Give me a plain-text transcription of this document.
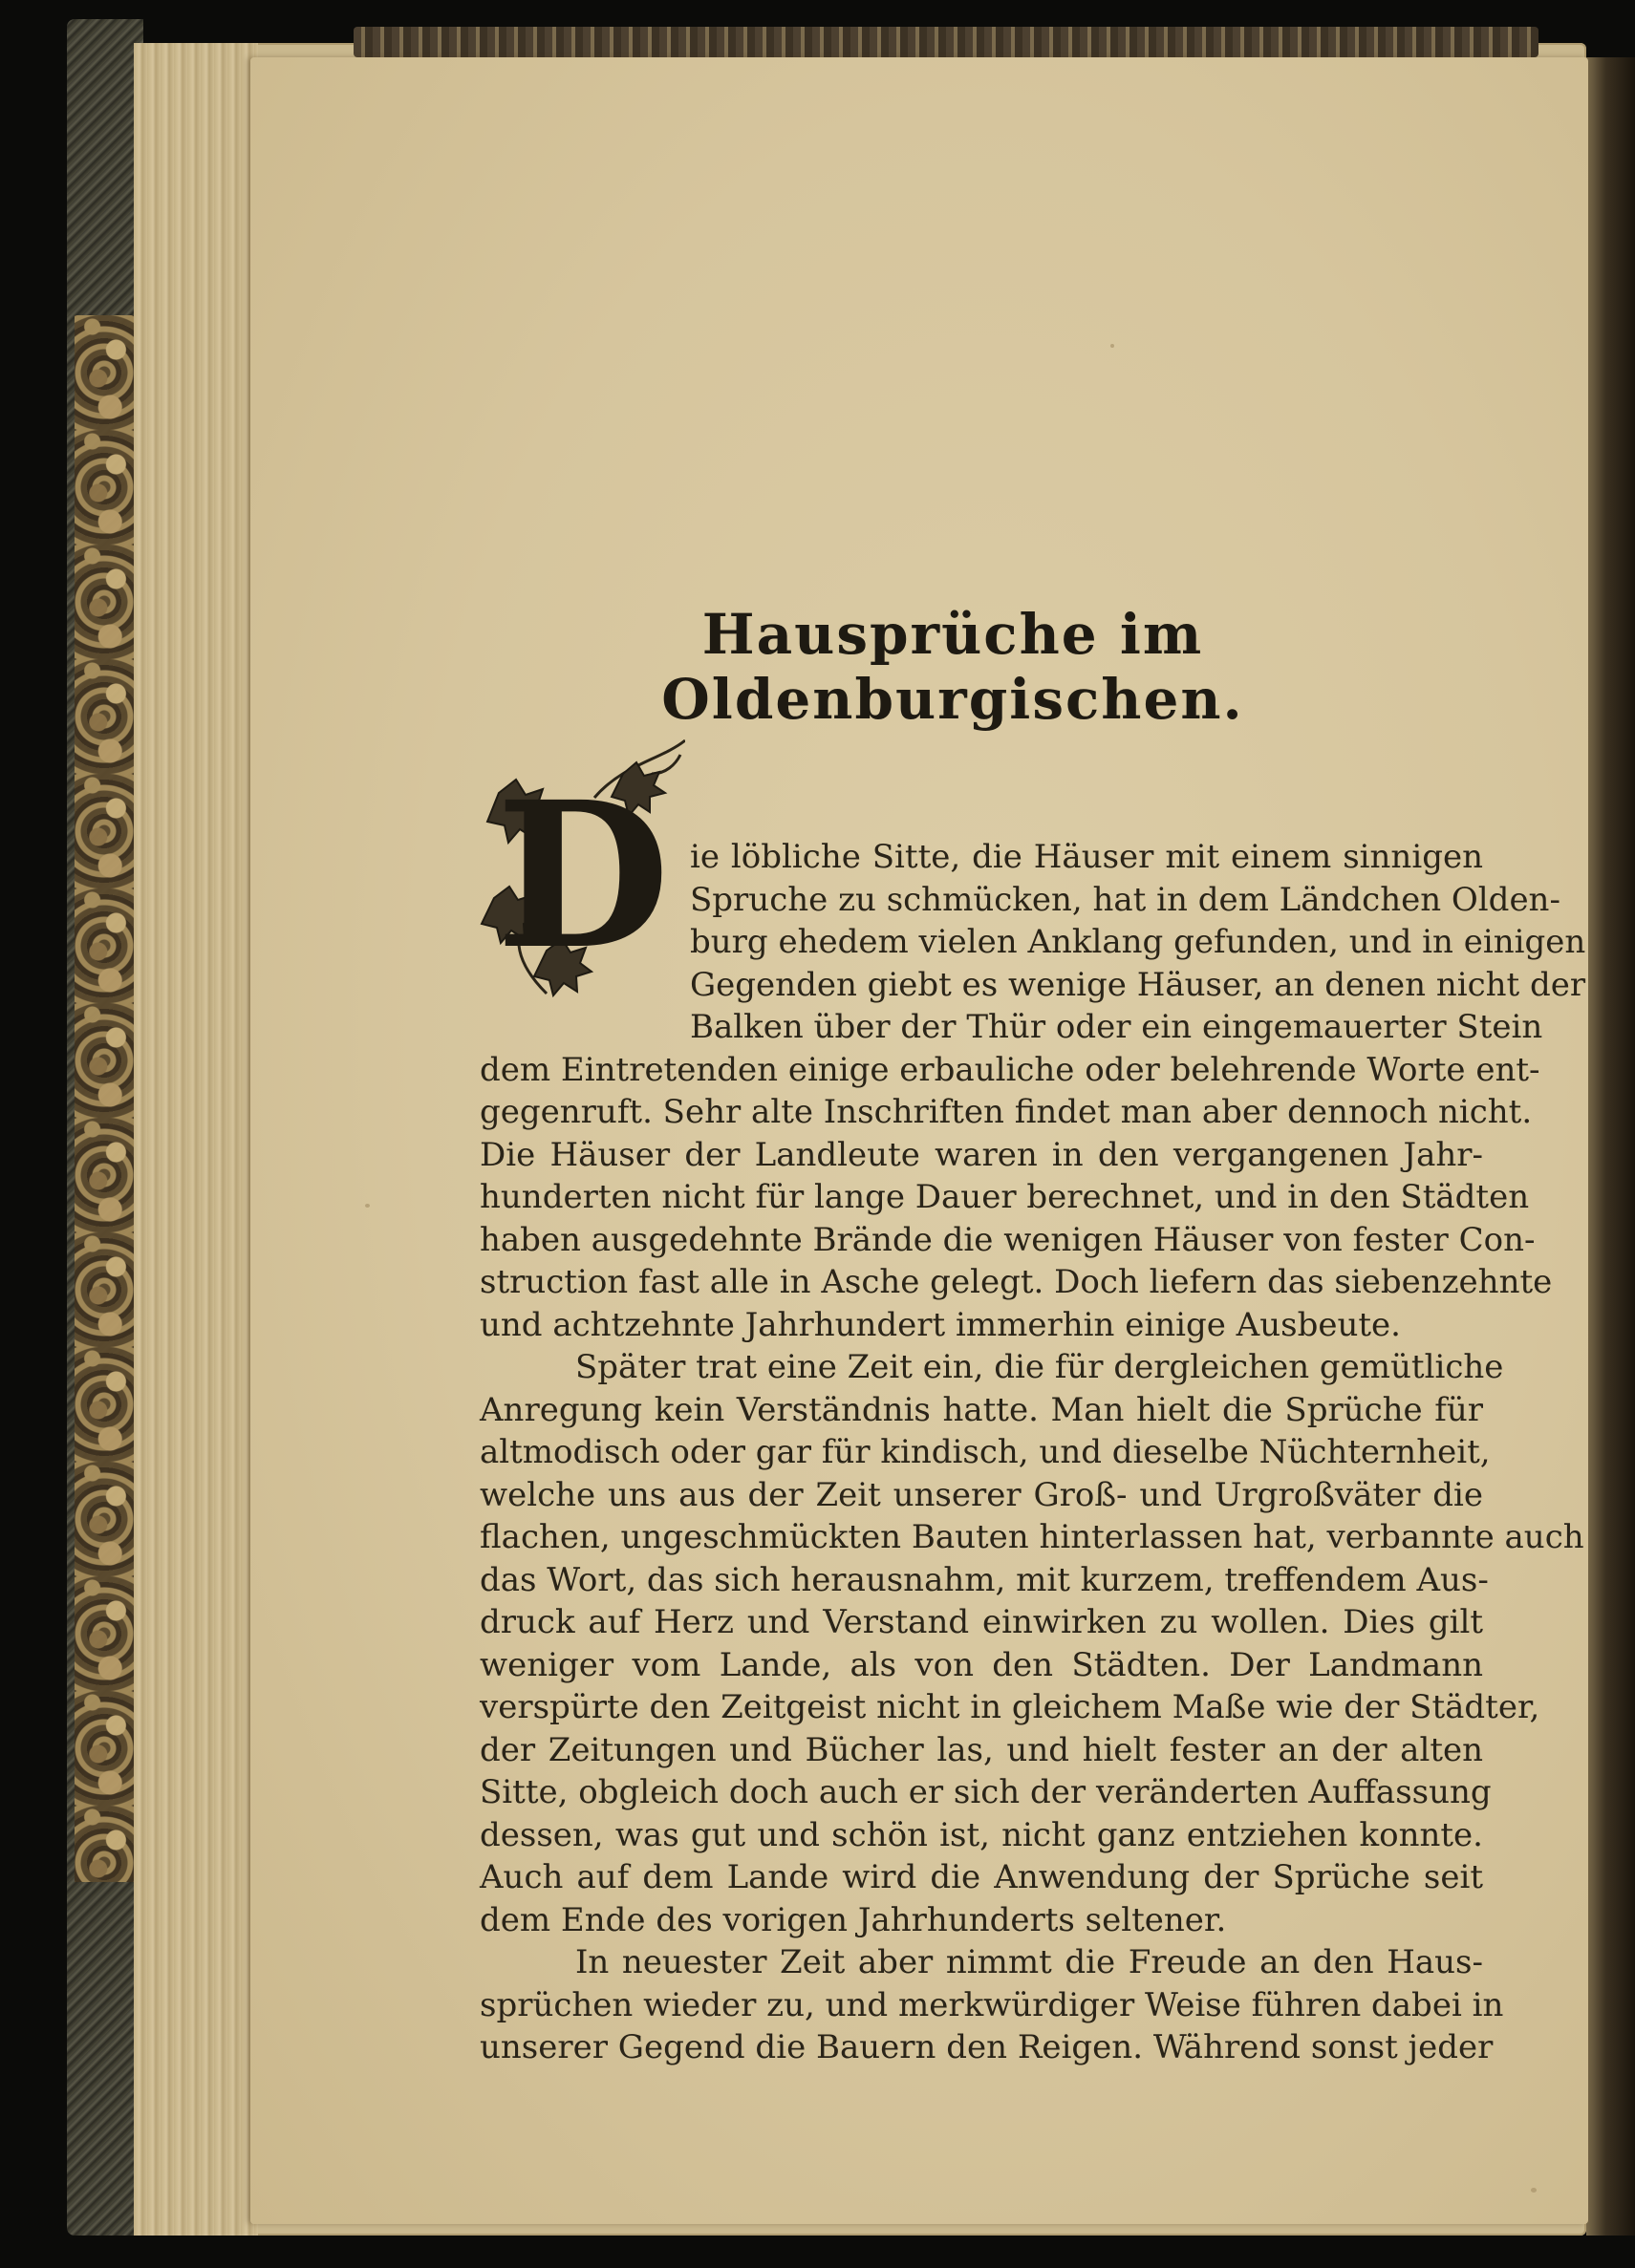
Hausprüche im Oldenburgischen.
D ie löbliche Sitte, die Häuser mit einem sinnigen
Spruche zu schmücken, hat in dem Ländchen Olden-
burg ehedem vielen Anklang gefunden, und in einigen
Gegenden giebt es wenige Häuser, an denen nicht der
Balken über der Thür oder ein eingemauerter Stein
dem Eintretenden einige erbauliche oder belehrende Worte ent-
gegenruft. Sehr alte Inschriften findet man aber dennoch nicht.
Die Häuser der Landleute waren in den vergangenen Jahr-
hunderten nicht für lange Dauer berechnet, und in den Städten
haben ausgedehnte Brände die wenigen Häuser von fester Con-
struction fast alle in Asche gelegt. Doch liefern das siebenzehnte
und achtzehnte Jahrhundert immerhin einige Ausbeute.
Später trat eine Zeit ein, die für dergleichen gemütliche
Anregung kein Verständnis hatte. Man hielt die Sprüche für
altmodisch oder gar für kindisch, und dieselbe Nüchternheit,
welche uns aus der Zeit unserer Groß- und Urgroßväter die
flachen, ungeschmückten Bauten hinterlassen hat, verbannte auch
das Wort, das sich herausnahm, mit kurzem, treffendem Aus-
druck auf Herz und Verstand einwirken zu wollen. Dies gilt
weniger vom Lande, als von den Städten. Der Landmann
verspürte den Zeitgeist nicht in gleichem Maße wie der Städter,
der Zeitungen und Bücher las, und hielt fester an der alten
Sitte, obgleich doch auch er sich der veränderten Auffassung
dessen, was gut und schön ist, nicht ganz entziehen konnte.
Auch auf dem Lande wird die Anwendung der Sprüche seit
dem Ende des vorigen Jahrhunderts seltener.
In neuester Zeit aber nimmt die Freude an den Haus-
sprüchen wieder zu, und merkwürdiger Weise führen dabei in
unserer Gegend die Bauern den Reigen. Während sonst jeder
